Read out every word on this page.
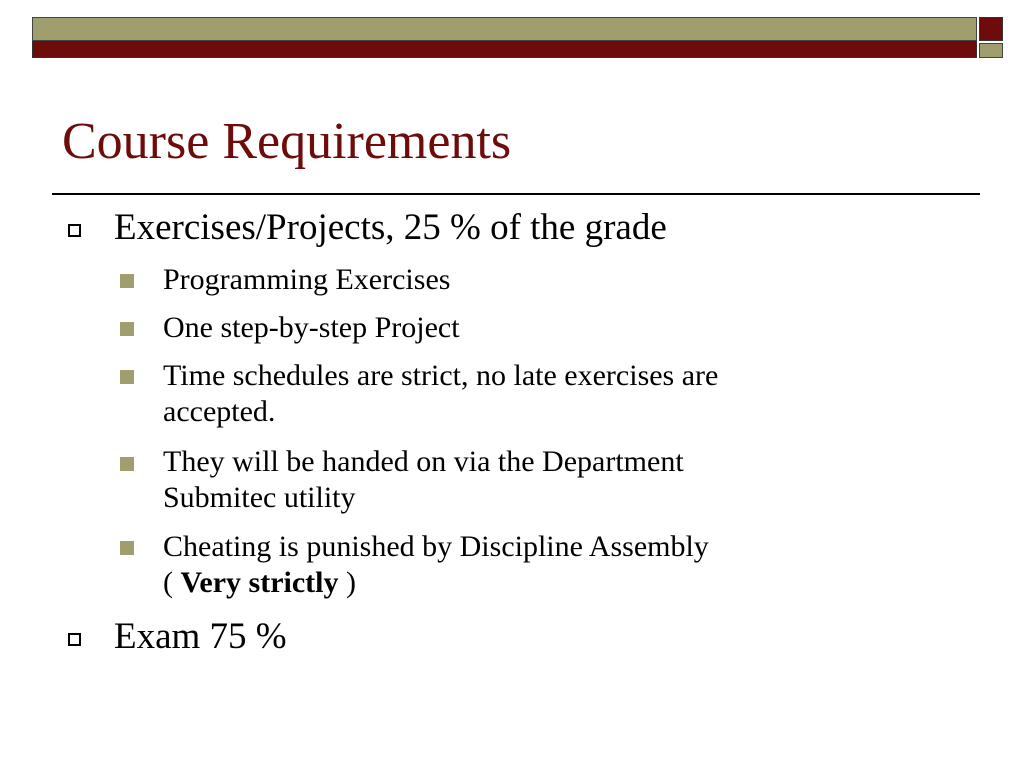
Course Requirements
Exercises/Projects, 25 % of the grade
Programming Exercises
One step-by-step Project
Time schedules are strict, no late exercises are
accepted.
They will be handed on via the Department
Submitec utility
Cheating is punished by Discipline Assembly
( Very strictly )
Exam 75 %
